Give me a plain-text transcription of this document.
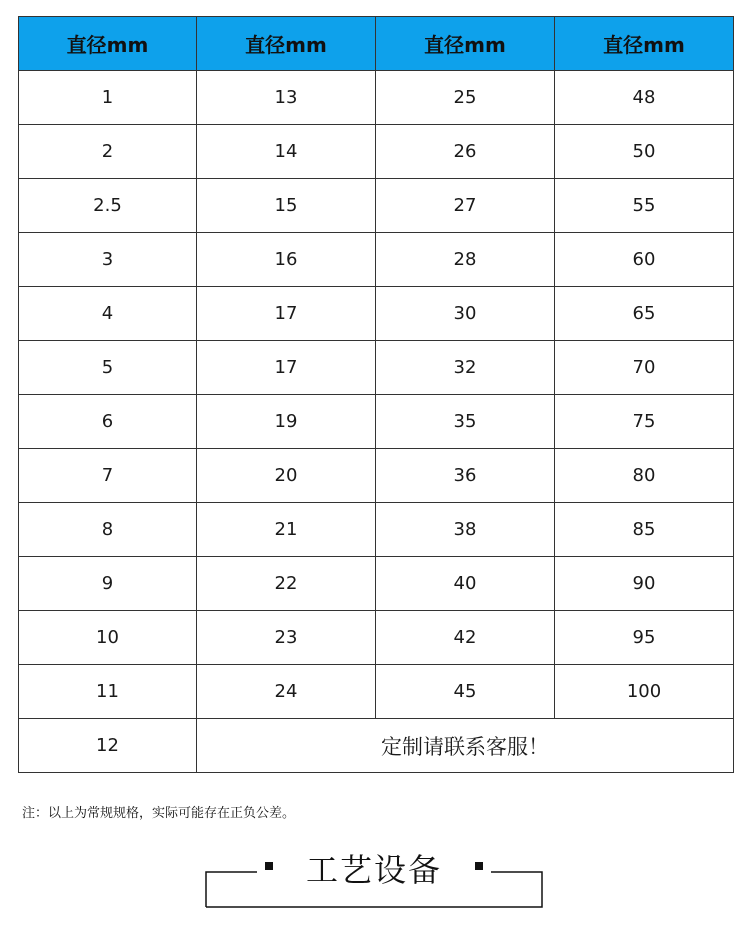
直径mm	直径mm	直径mm	直径mm
1	13	25	48
2	14	26	50
2.5	15	27	55
3	16	28	60
4	17	30	65
5	17	32	70
6	19	35	75
7	20	36	80
8	21	38	85
9	22	40	90
10	23	42	95
11	24	45	100
12	定制请联系客服！		
注：以上为常规规格，实际可能存在正负公差。
工艺设备
